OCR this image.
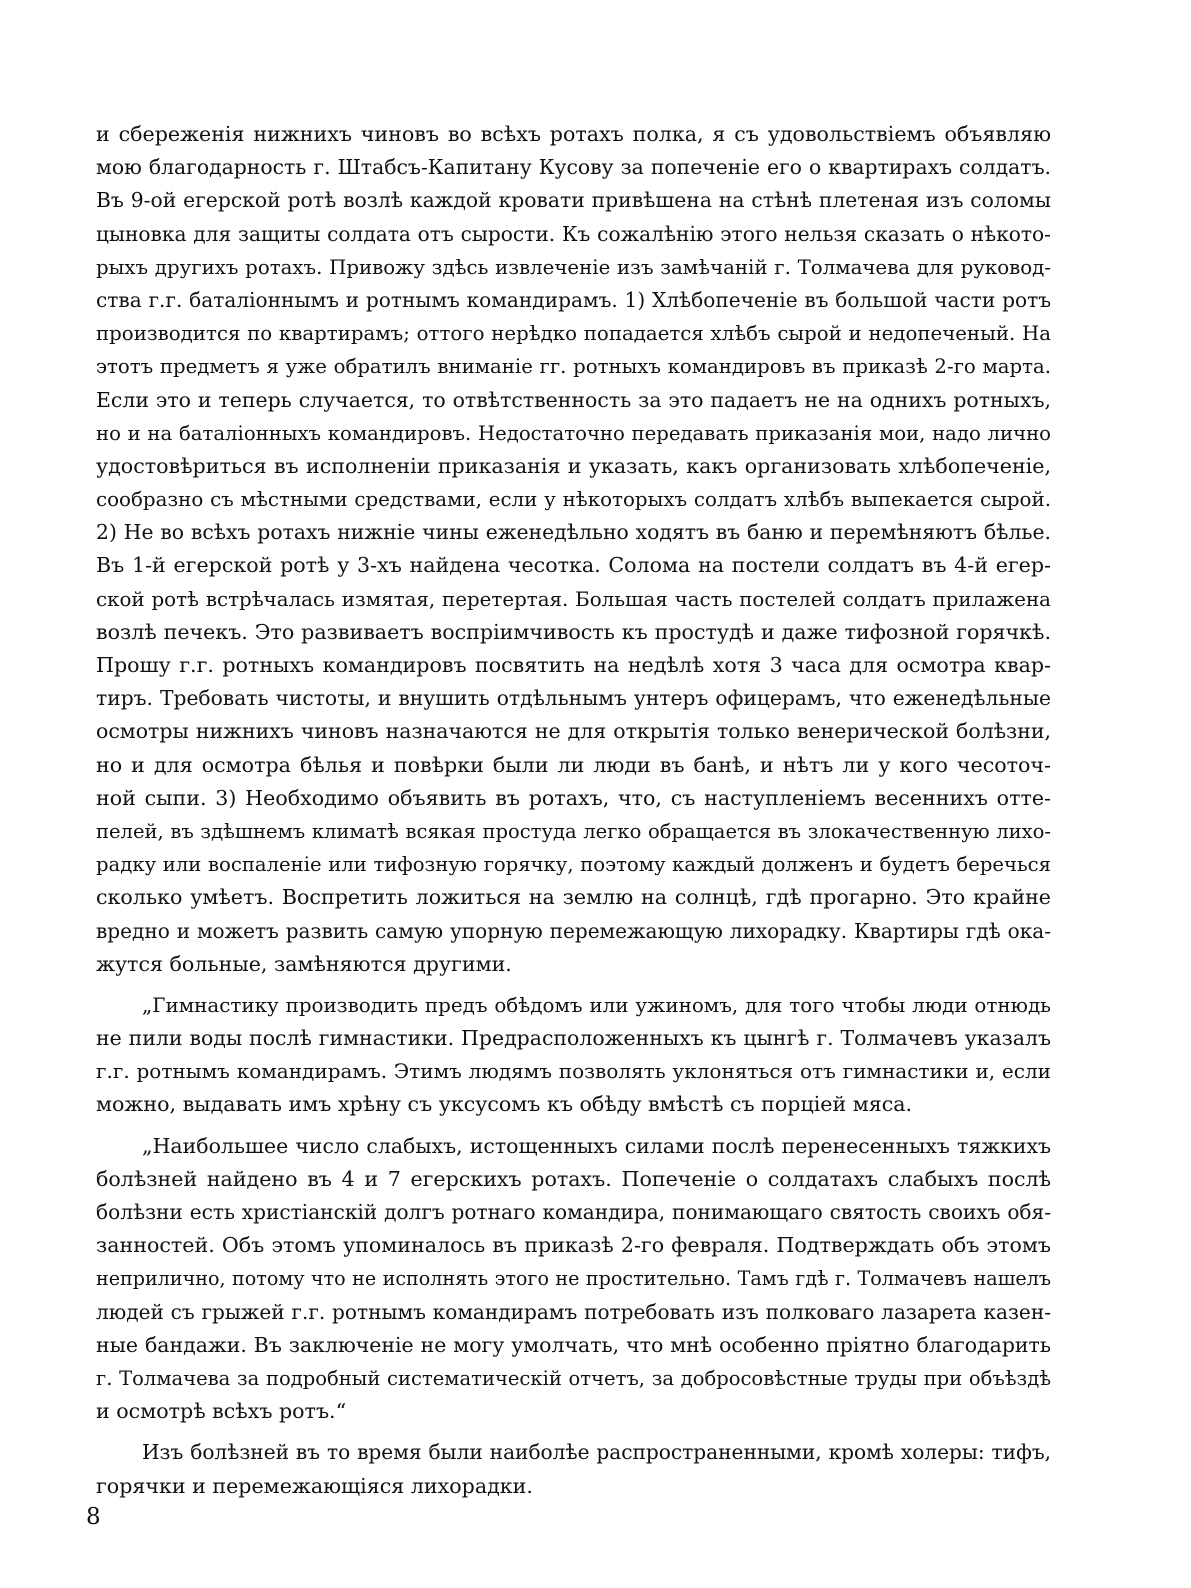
и сбереженія нижнихъ чиновъ во всѣхъ ротахъ полка, я съ удовольствіемъ объявляю
мою благодарность г. Штабсъ-Капитану Кусову за попеченіе его о квартирахъ солдатъ.
Въ 9-ой егерской ротѣ возлѣ каждой кровати привѣшена на стѣнѣ плетеная изъ соломы
цыновка для защиты солдата отъ сырости. Къ сожалѣнію этого нельзя сказать о нѣкото-
рыхъ другихъ ротахъ. Привожу здѣсь извлеченіе изъ замѣчаній г. Толмачева для руковод-
ства г.г. баталіоннымъ и ротнымъ командирамъ. 1) Хлѣбопеченіе въ большой части ротъ
производится по квартирамъ; оттого нерѣдко попадается хлѣбъ сырой и недопеченый. На
этотъ предметъ я уже обратилъ вниманіе гг. ротныхъ командировъ въ приказѣ 2-го марта.
Если это и теперь случается, то отвѣтственность за это падаетъ не на однихъ ротныхъ,
но и на баталіонныхъ командировъ. Недостаточно передавать приказанія мои, надо лично
удостовѣриться въ исполненіи приказанія и указать, какъ организовать хлѣбопеченіе,
сообразно съ мѣстными средствами, если у нѣкоторыхъ солдатъ хлѣбъ выпекается сырой.
2) Не во всѣхъ ротахъ нижніе чины еженедѣльно ходятъ въ баню и перемѣняютъ бѣлье.
Въ 1-й егерской ротѣ у 3-хъ найдена чесотка. Солома на постели солдатъ въ 4-й егер-
ской ротѣ встрѣчалась измятая, перетертая. Большая часть постелей солдатъ прилажена
возлѣ печекъ. Это развиваетъ воспріимчивость къ простудѣ и даже тифозной горячкѣ.
Прошу г.г. ротныхъ командировъ посвятить на недѣлѣ хотя 3 часа для осмотра квар-
тиръ. Требовать чистоты, и внушить отдѣльнымъ унтеръ офицерамъ, что еженедѣльные
осмотры нижнихъ чиновъ назначаются не для открытія только венерической болѣзни,
но и для осмотра бѣлья и повѣрки были ли люди въ банѣ, и нѣтъ ли у кого чесоточ-
ной сыпи. 3) Необходимо объявить въ ротахъ, что, съ наступленіемъ весеннихъ отте-
пелей, въ здѣшнемъ климатѣ всякая простуда легко обращается въ злокачественную лихо-
радку или воспаленіе или тифозную горячку, поэтому каждый долженъ и будетъ беречься
сколько умѣетъ. Воспретить ложиться на землю на солнцѣ, гдѣ прогарно. Это крайне
вредно и можетъ развить самую упорную перемежающую лихорадку. Квартиры гдѣ ока-
жутся больные, замѣняются другими.
„Гимнастику производить предъ обѣдомъ или ужиномъ, для того чтобы люди отнюдь
не пили воды послѣ гимнастики. Предрасположенныхъ къ цынгѣ г. Толмачевъ указалъ
г.г. ротнымъ командирамъ. Этимъ людямъ позволять уклоняться отъ гимнастики и, если
можно, выдавать имъ хрѣну съ уксусомъ къ обѣду вмѣстѣ съ порціей мяса.
„Наибольшее число слабыхъ, истощенныхъ силами послѣ перенесенныхъ тяжкихъ
болѣзней найдено въ 4 и 7 егерскихъ ротахъ. Попеченіе о солдатахъ слабыхъ послѣ
болѣзни есть христіанскій долгъ ротнаго командира, понимающаго святость своихъ обя-
занностей. Объ этомъ упоминалось въ приказѣ 2-го февраля. Подтверждать объ этомъ
неприлично, потому что не исполнять этого не простительно. Тамъ гдѣ г. Толмачевъ нашелъ
людей съ грыжей г.г. ротнымъ командирамъ потребовать изъ полковаго лазарета казен-
ные бандажи. Въ заключеніе не могу умолчать, что мнѣ особенно пріятно благодарить
г. Толмачева за подробный систематическій отчетъ, за добросовѣстные труды при объѣздѣ
и осмотрѣ всѣхъ ротъ.“
Изъ болѣзней въ то время были наиболѣе распространенными, кромѣ холеры: тифъ,
горячки и перемежающіяся лихорадки.
8
